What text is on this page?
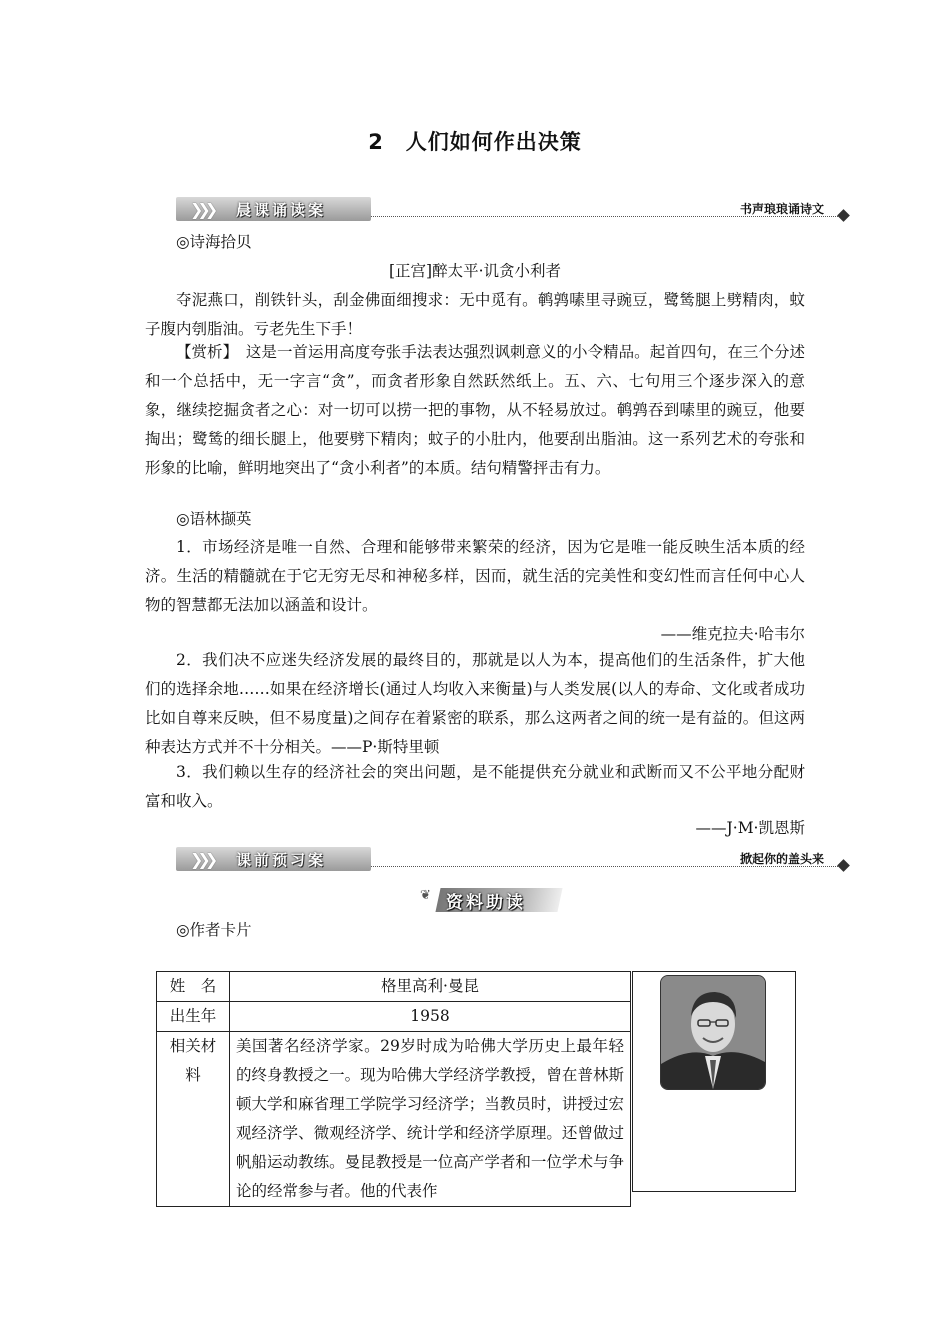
2　人们如何作出决策
❯❯❯ 晨课诵读案	书声琅琅诵诗文
◎诗海拾贝
[正宫]醉太平·讥贪小利者
夺泥燕口，削铁针头，刮金佛面细搜求：无中觅有。鹌鹑嗉里寻豌豆，鹭鸶腿上劈精肉，蚊子腹内刳脂油。亏老先生下手！
【赏析】　这是一首运用高度夸张手法表达强烈讽刺意义的小令精品。起首四句，在三个分述和一个总括中，无一字言“贪”，而贪者形象自然跃然纸上。五、六、七句用三个逐步深入的意象，继续挖掘贪者之心：对一切可以捞一把的事物，从不轻易放过。鹌鹑吞到嗉里的豌豆，他要掏出；鹭鸶的细长腿上，他要劈下精肉；蚊子的小肚内，他要刮出脂油。这一系列艺术的夸张和形象的比喻，鲜明地突出了“贪小利者”的本质。结句精警抨击有力。
◎语林撷英
1．市场经济是唯一自然、合理和能够带来繁荣的经济，因为它是唯一能反映生活本质的经济。生活的精髓就在于它无穷无尽和神秘多样，因而，就生活的完美性和变幻性而言任何中心人物的智慧都无法加以涵盖和设计。
——维克拉夫·哈韦尔
2．我们决不应迷失经济发展的最终目的，那就是以人为本，提高他们的生活条件，扩大他们的选择余地……如果在经济增长(通过人均收入来衡量)与人类发展(以人的寿命、文化或者成功比如自尊来反映，但不易度量)之间存在着紧密的联系，那么这两者之间的统一是有益的。但这两种表达方式并不十分相关。——P·斯特里顿
3．我们赖以生存的经济社会的突出问题，是不能提供充分就业和武断而又不公平地分配财富和收入。
——J·M·凯恩斯
❯❯❯ 课前预习案	掀起你的盖头来
❦ 资料助读
◎作者卡片
姓　名	格里高利·曼昆
出生年	1958
相关材料	美国著名经济学家。29岁时成为哈佛大学历史上最年轻的终身教授之一。现为哈佛大学经济学教授，曾在普林斯顿大学和麻省理工学院学习经济学；当教员时，讲授过宏观经济学、微观经济学、统计学和经济学原理。还曾做过帆船运动教练。曼昆教授是一位高产学者和一位学术与争论的经常参与者。他的代表作
